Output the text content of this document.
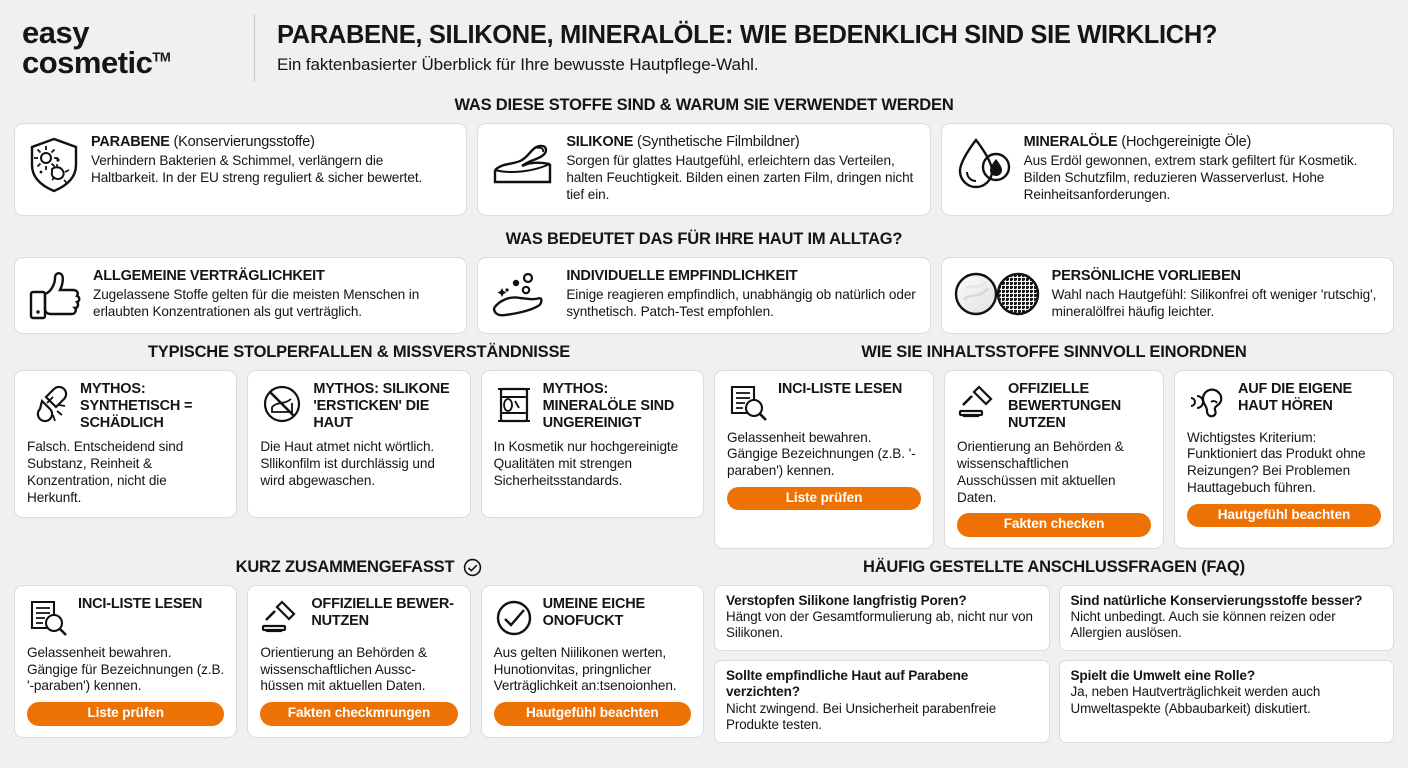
easy
cosmetic™
PARABENE, SILIKONE, MINERALÖLE: WIE BEDENKLICH SIND SIE WIRKLICH?
Ein faktenbasierter Überblick für Ihre bewusste Hautpflege-Wahl.
WAS DIESE STOFFE SIND & WARUM SIE VERWENDET WERDEN
PARABENE (Konservierungsstoffe)
Verhindern Bakterien & Schimmel, verlängern die Haltbarkeit. In der EU streng reguliert & sicher bewertet.
SILIKONE (Synthetische Filmbildner)
Sorgen für glattes Hautgefühl, erleichtern das Verteilen, halten Feuchtigkeit. Bilden einen zarten Film, dringen nicht tief ein.
MINERALÖLE (Hochgereinigte Öle)
Aus Erdöl gewonnen, extrem stark gefiltert für Kosmetik. Bilden Schutzfilm, reduzieren Wasserverlust. Hohe Reinheitsanforderungen.
WAS BEDEUTET DAS FÜR IHRE HAUT IM ALLTAG?
ALLGEMEINE VERTRÄGLICHKEIT
Zugelassene Stoffe gelten für die meisten Menschen in erlaubten Konzentrationen als gut verträglich.
INDIVIDUELLE EMPFINDLICHKEIT
Einige reagieren empfindlich, unabhängig ob natürlich oder synthetisch. Patch-Test empfohlen.
PERSÖNLICHE VORLIEBEN
Wahl nach Hautgefühl: Silikonfrei oft weniger 'rutschig', mineralölfrei häufig leichter.
TYPISCHE STOLPERFALLEN & MISSVERSTÄNDNISSE
MYTHOS: SYNTHETISCH = SCHÄDLICH
Falsch. Entscheidend sind Substanz, Reinheit & Konzentration, nicht die Herkunft.
MYTHOS: SILIKONE 'ERSTICKEN' DIE HAUT
Die Haut atmet nicht wörtlich. Sllikonfilm ist durchlässig und wird abgewaschen.
MYTHOS: MINERALÖLE SIND UNGEREINIGT
In Kosmetik nur hochgereinigte Qualitäten mit strengen Sicherheitsstandards.
WIE SIE INHALTSSTOFFE SINNVOLL EINORDNEN
INCI-LISTE LESEN
Gelassenheit bewahren. Gängige Bezeichnungen (z.B. '-paraben') kennen.
Liste prüfen
OFFIZIELLE BEWERTUNGEN NUTZEN
Orientierung an Behörden & wissenschaftlichen Ausschüssen mit aktuellen Daten.
Fakten checken
AUF DIE EIGENE HAUT HÖREN
Wichtigstes Kriterium: Funktioniert das Produkt ohne Reizungen? Bei Problemen Hauttagebuch führen.
Hautgefühl beachten
KURZ ZUSAMMENGEFASST
INCI-LISTE LESEN
Gelassenheit bewahren. Gängige für Bezeichnungen (z.B. '-paraben') kennen.
Liste prüfen
OFFIZIELLE BEWER- NUTZEN
Orientierung an Behörden & wissenschaftlichen Aussc- hüssen mit aktuellen Daten.
Fakten checkmrungen
UMEINE EICHE ONOFUCKT
Aus gelten Niilikonen werten, Hunotionvitas, pringnlicher Verträglichkeit an:tsenoionhen.
Hautgefühl beachten
HÄUFIG GESTELLTE ANSCHLUSSFRAGEN (FAQ)
Verstopfen Silikone langfristig Poren?
Hängt von der Gesamtformulierung ab, nicht nur von Silikonen.
Sind natürliche Konservierungsstoffe besser?
Nicht unbedingt. Auch sie können reizen oder Allergien auslösen.
Sollte empfindliche Haut auf Parabene verzichten?
Nicht zwingend. Bei Unsicherheit parabenfreie Produkte testen.
Spielt die Umwelt eine Rolle?
Ja, neben Hautverträglichkeit werden auch Umweltaspekte (Abbaubarkeit) diskutiert.
